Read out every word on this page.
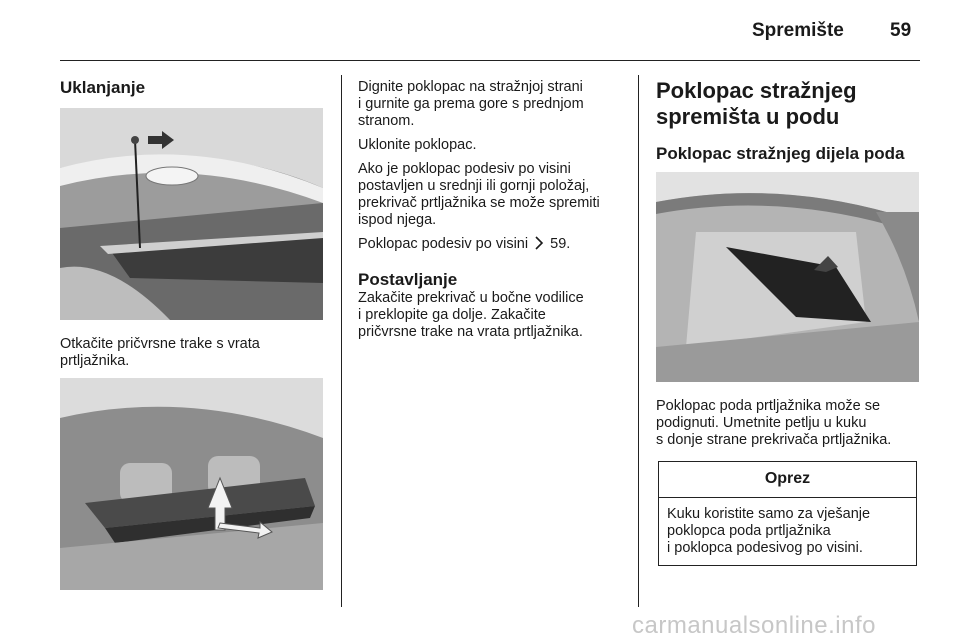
Spremište 59
Uklanjanje

Otkačite pričvrsne trake s vrata

prtljažnika.

Dignite poklopac na stražnjoj strani

i gurnite ga prema gore s prednjom

stranom.

Uklonite poklopac.

Ako je poklopac podesiv po visini

postavljen u srednji ili gornji položaj,

prekrivač prtljažnika se može spremiti

ispod njega.

Poklopac podesiv po visini 59.

Postavljanje

Zakačite prekrivač u bočne vodilice

i preklopite ga dolje. Zakačite

pričvrsne trake na vrata prtljažnika.

Poklopac stražnjeg
spremišta u podu
Poklopac stražnjeg dijela poda

Poklopac poda prtljažnika može se

podignuti. Umetnite petlju u kuku

s donje strane prekrivača prtljažnika.

Oprez
Kuku koristite samo za vješanje
poklopca poda prtljažnika
i poklopca podesivog po visini.
carmanualsonline.info
